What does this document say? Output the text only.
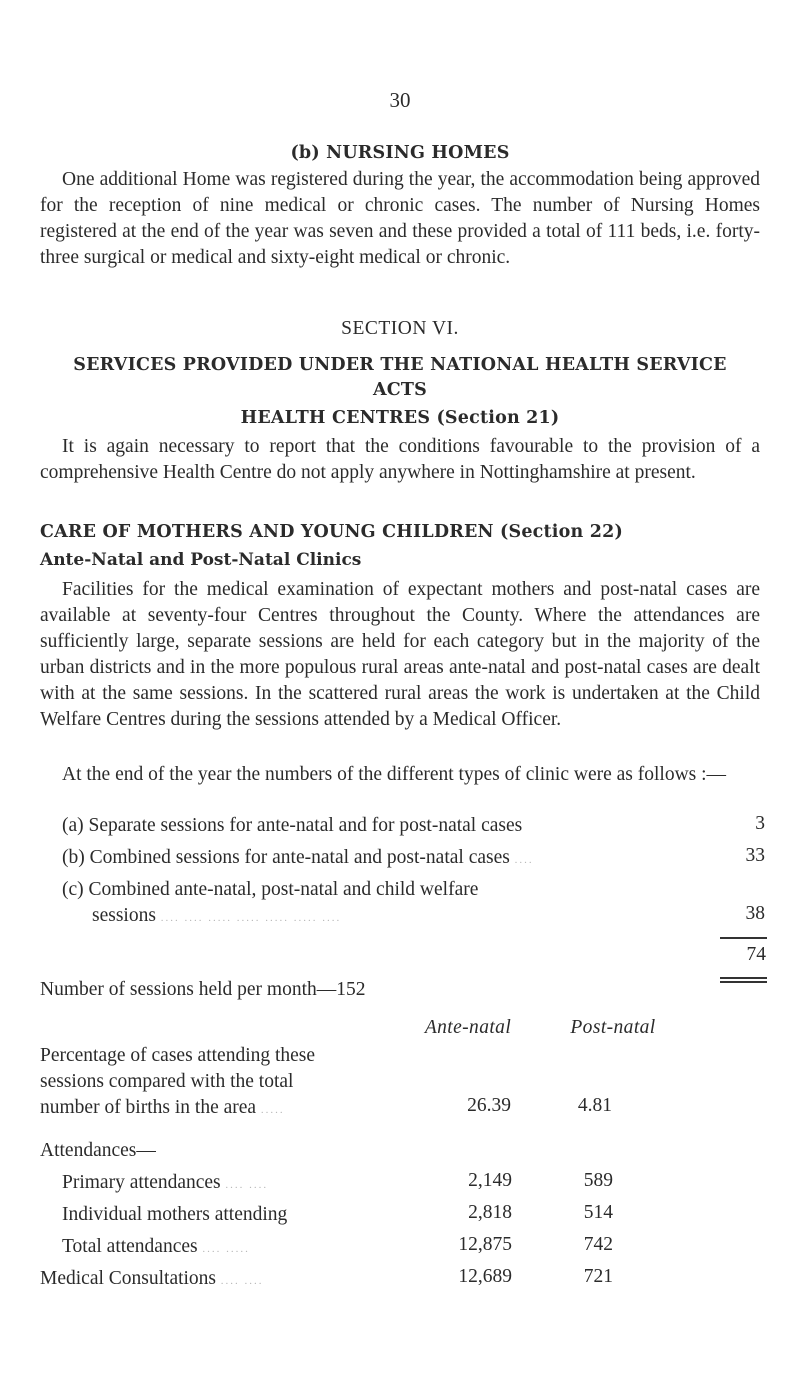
30
(b) NURSING HOMES

One additional Home was registered during the year, the accommodation being approved for the reception of nine medical or chronic cases. The number of Nursing Homes registered at the end of the year was seven and these provided a total of 111 beds, i.e. forty-three surgical or medical and sixty-eight medical or chronic.

SECTION VI.
SERVICES PROVIDED UNDER THE NATIONAL HEALTH SERVICE
ACTS
HEALTH CENTRES (Section 21)

It is again necessary to report that the conditions favourable to the provision of a comprehensive Health Centre do not apply anywhere in Nottinghamshire at present.

CARE OF MOTHERS AND YOUNG CHILDREN (Section 22)
Ante-Natal and Post-Natal Clinics

Facilities for the medical examination of expectant mothers and post-natal cases are available at seventy-four Centres throughout the County. Where the attendances are sufficiently large, separate sessions are held for each category but in the majority of the urban districts and in the more populous rural areas ante-natal and post-natal cases are dealt with at the same sessions. In the scattered rural areas the work is undertaken at the Child Welfare Centres during the sessions attended by a Medical Officer.

At the end of the year the numbers of the different types of clinic were as follows :—

(a) Separate sessions for ante-natal and for post-natal cases	3
(b) Combined sessions for ante-natal and post-natal cases ....	33
(c) Combined ante-natal, post-natal and child welfare
sessions .... .... ..... ..... ..... ..... ....	38
74
Number of sessions held per month—152
Ante-natal	Post-natal
Percentage of cases attending these
sessions compared with the total
number of births in the area .....	26.39	4.81
Attendances—
Primary attendances .... ....	2,149	589
Individual mothers attending	2,818	514
Total attendances .... .....	12,875	742
Medical Consultations .... ....	12,689	721
